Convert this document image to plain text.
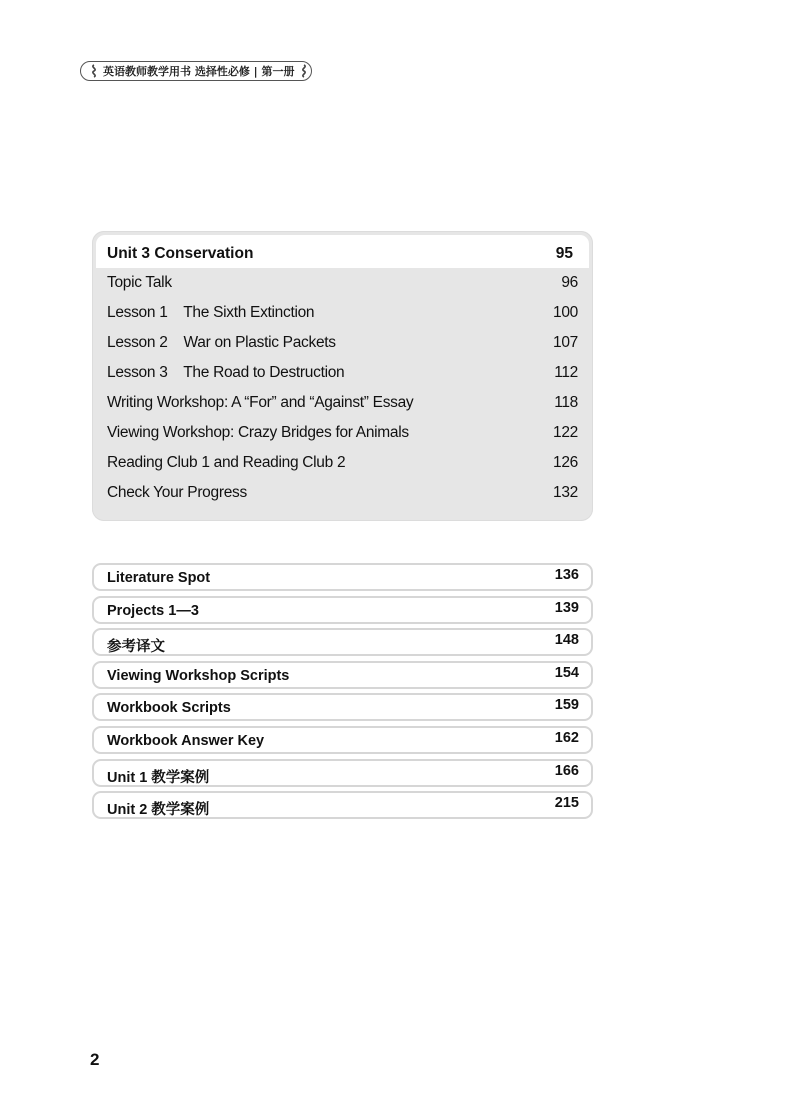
英语教师教学用书 选择性必修 | 第一册
Unit 3 Conservation	95
Topic Talk	96
Lesson 1    The Sixth Extinction	100
Lesson 2    War on Plastic Packets	107
Lesson 3    The Road to Destruction	112
Writing Workshop: A “For” and “Against” Essay	118
Viewing Workshop: Crazy Bridges for Animals	122
Reading Club 1 and Reading Club 2	126
Check Your Progress	132
Literature Spot	136
Projects 1—3	139
参考译文	148
Viewing Workshop Scripts	154
Workbook Scripts	159
Workbook Answer Key	162
Unit 1 教学案例	166
Unit 2 教学案例	215
2
